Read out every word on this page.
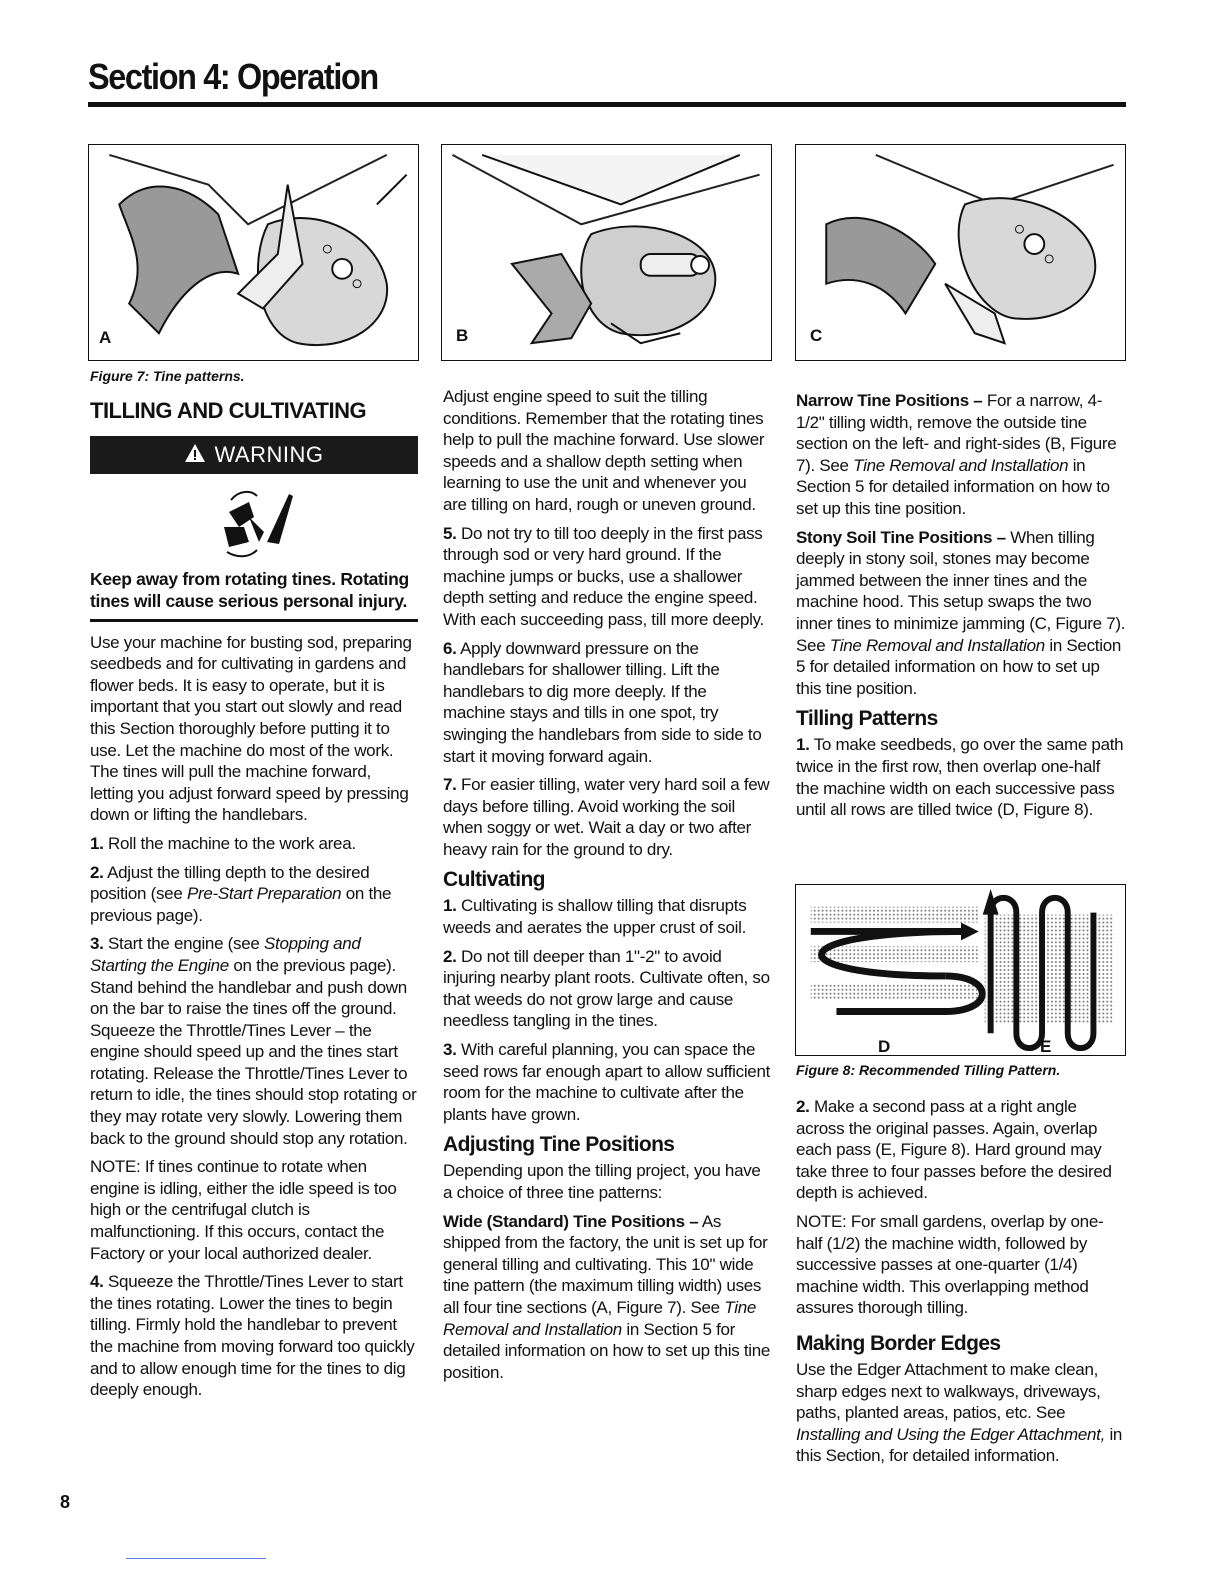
Section 4: Operation
A	B	C

Figure 7: Tine patterns.

TILLING AND CULTIVATING
WARNING

Keep away from rotating tines. Rotating tines will cause serious personal injury.

Use your machine for busting sod, preparing seedbeds and for cultivating in gardens and flower beds. It is easy to operate, but it is important that you start out slowly and read this Section thoroughly before putting it to use. Let the machine do most of the work. The tines will pull the machine forward, letting you adjust forward speed by pressing down or lifting the handlebars.

1. Roll the machine to the work area.

2. Adjust the tilling depth to the desired position (see Pre-Start Preparation on the previous page).

3. Start the engine (see Stopping and Starting the Engine on the previous page). Stand behind the handlebar and push down on the bar to raise the tines off the ground. Squeeze the Throttle/Tines Lever – the engine should speed up and the tines start rotating. Release the Throttle/Tines Lever to return to idle, the tines should stop rotating or they may rotate very slowly. Lowering them back to the ground should stop any rotation.

NOTE: If tines continue to rotate when engine is idling, either the idle speed is too high or the centrifugal clutch is malfunctioning. If this occurs, contact the Factory or your local authorized dealer.

4. Squeeze the Throttle/Tines Lever to start the tines rotating. Lower the tines to begin tilling. Firmly hold the handlebar to prevent the machine from moving forward too quickly and to allow enough time for the tines to dig deeply enough.

Adjust engine speed to suit the tilling conditions. Remember that the rotating tines help to pull the machine forward. Use slower speeds and a shallow depth setting when learning to use the unit and whenever you are tilling on hard, rough or uneven ground.

5. Do not try to till too deeply in the first pass through sod or very hard ground. If the machine jumps or bucks, use a shallower depth setting and reduce the engine speed. With each succeeding pass, till more deeply.

6. Apply downward pressure on the handlebars for shallower tilling. Lift the handlebars to dig more deeply. If the machine stays and tills in one spot, try swinging the handlebars from side to side to start it moving forward again.

7. For easier tilling, water very hard soil a few days before tilling. Avoid working the soil when soggy or wet. Wait a day or two after heavy rain for the ground to dry.

Cultivating

1. Cultivating is shallow tilling that disrupts weeds and aerates the upper crust of soil.

2. Do not till deeper than 1"-2" to avoid injuring nearby plant roots. Cultivate often, so that weeds do not grow large and cause needless tangling in the tines.

3. With careful planning, you can space the seed rows far enough apart to allow sufficient room for the machine to cultivate after the plants have grown.

Adjusting Tine Positions

Depending upon the tilling project, you have a choice of three tine patterns:

Wide (Standard) Tine Positions – As shipped from the factory, the unit is set up for general tilling and cultivating. This 10" wide tine pattern (the maximum tilling width) uses all four tine sections (A, Figure 7). See Tine Removal and Installation in Section 5 for detailed information on how to set up this tine position.

Narrow Tine Positions – For a narrow, 4-1/2" tilling width, remove the outside tine section on the left- and right-sides (B, Figure 7). See Tine Removal and Installation in Section 5 for detailed information on how to set up this tine position.

Stony Soil Tine Positions – When tilling deeply in stony soil, stones may become jammed between the inner tines and the machine hood. This setup swaps the two inner tines to minimize jamming (C, Figure 7). See Tine Removal and Installation in Section 5 for detailed information on how to set up this tine position.

Tilling Patterns

1. To make seedbeds, go over the same path twice in the first row, then overlap one-half the machine width on each successive pass until all rows are tilled twice (D, Figure 8).

D	E

Figure 8: Recommended Tilling Pattern.

2. Make a second pass at a right angle across the original passes. Again, overlap each pass (E, Figure 8). Hard ground may take three to four passes before the desired depth is achieved.

NOTE: For small gardens, overlap by one-half (1/2) the machine width, followed by successive passes at one-quarter (1/4) machine width. This overlapping method assures thorough tilling.

Making Border Edges

Use the Edger Attachment to make clean, sharp edges next to walkways, driveways, paths, planted areas, patios, etc. See Installing and Using the Edger Attachment, in this Section, for detailed information.

8
